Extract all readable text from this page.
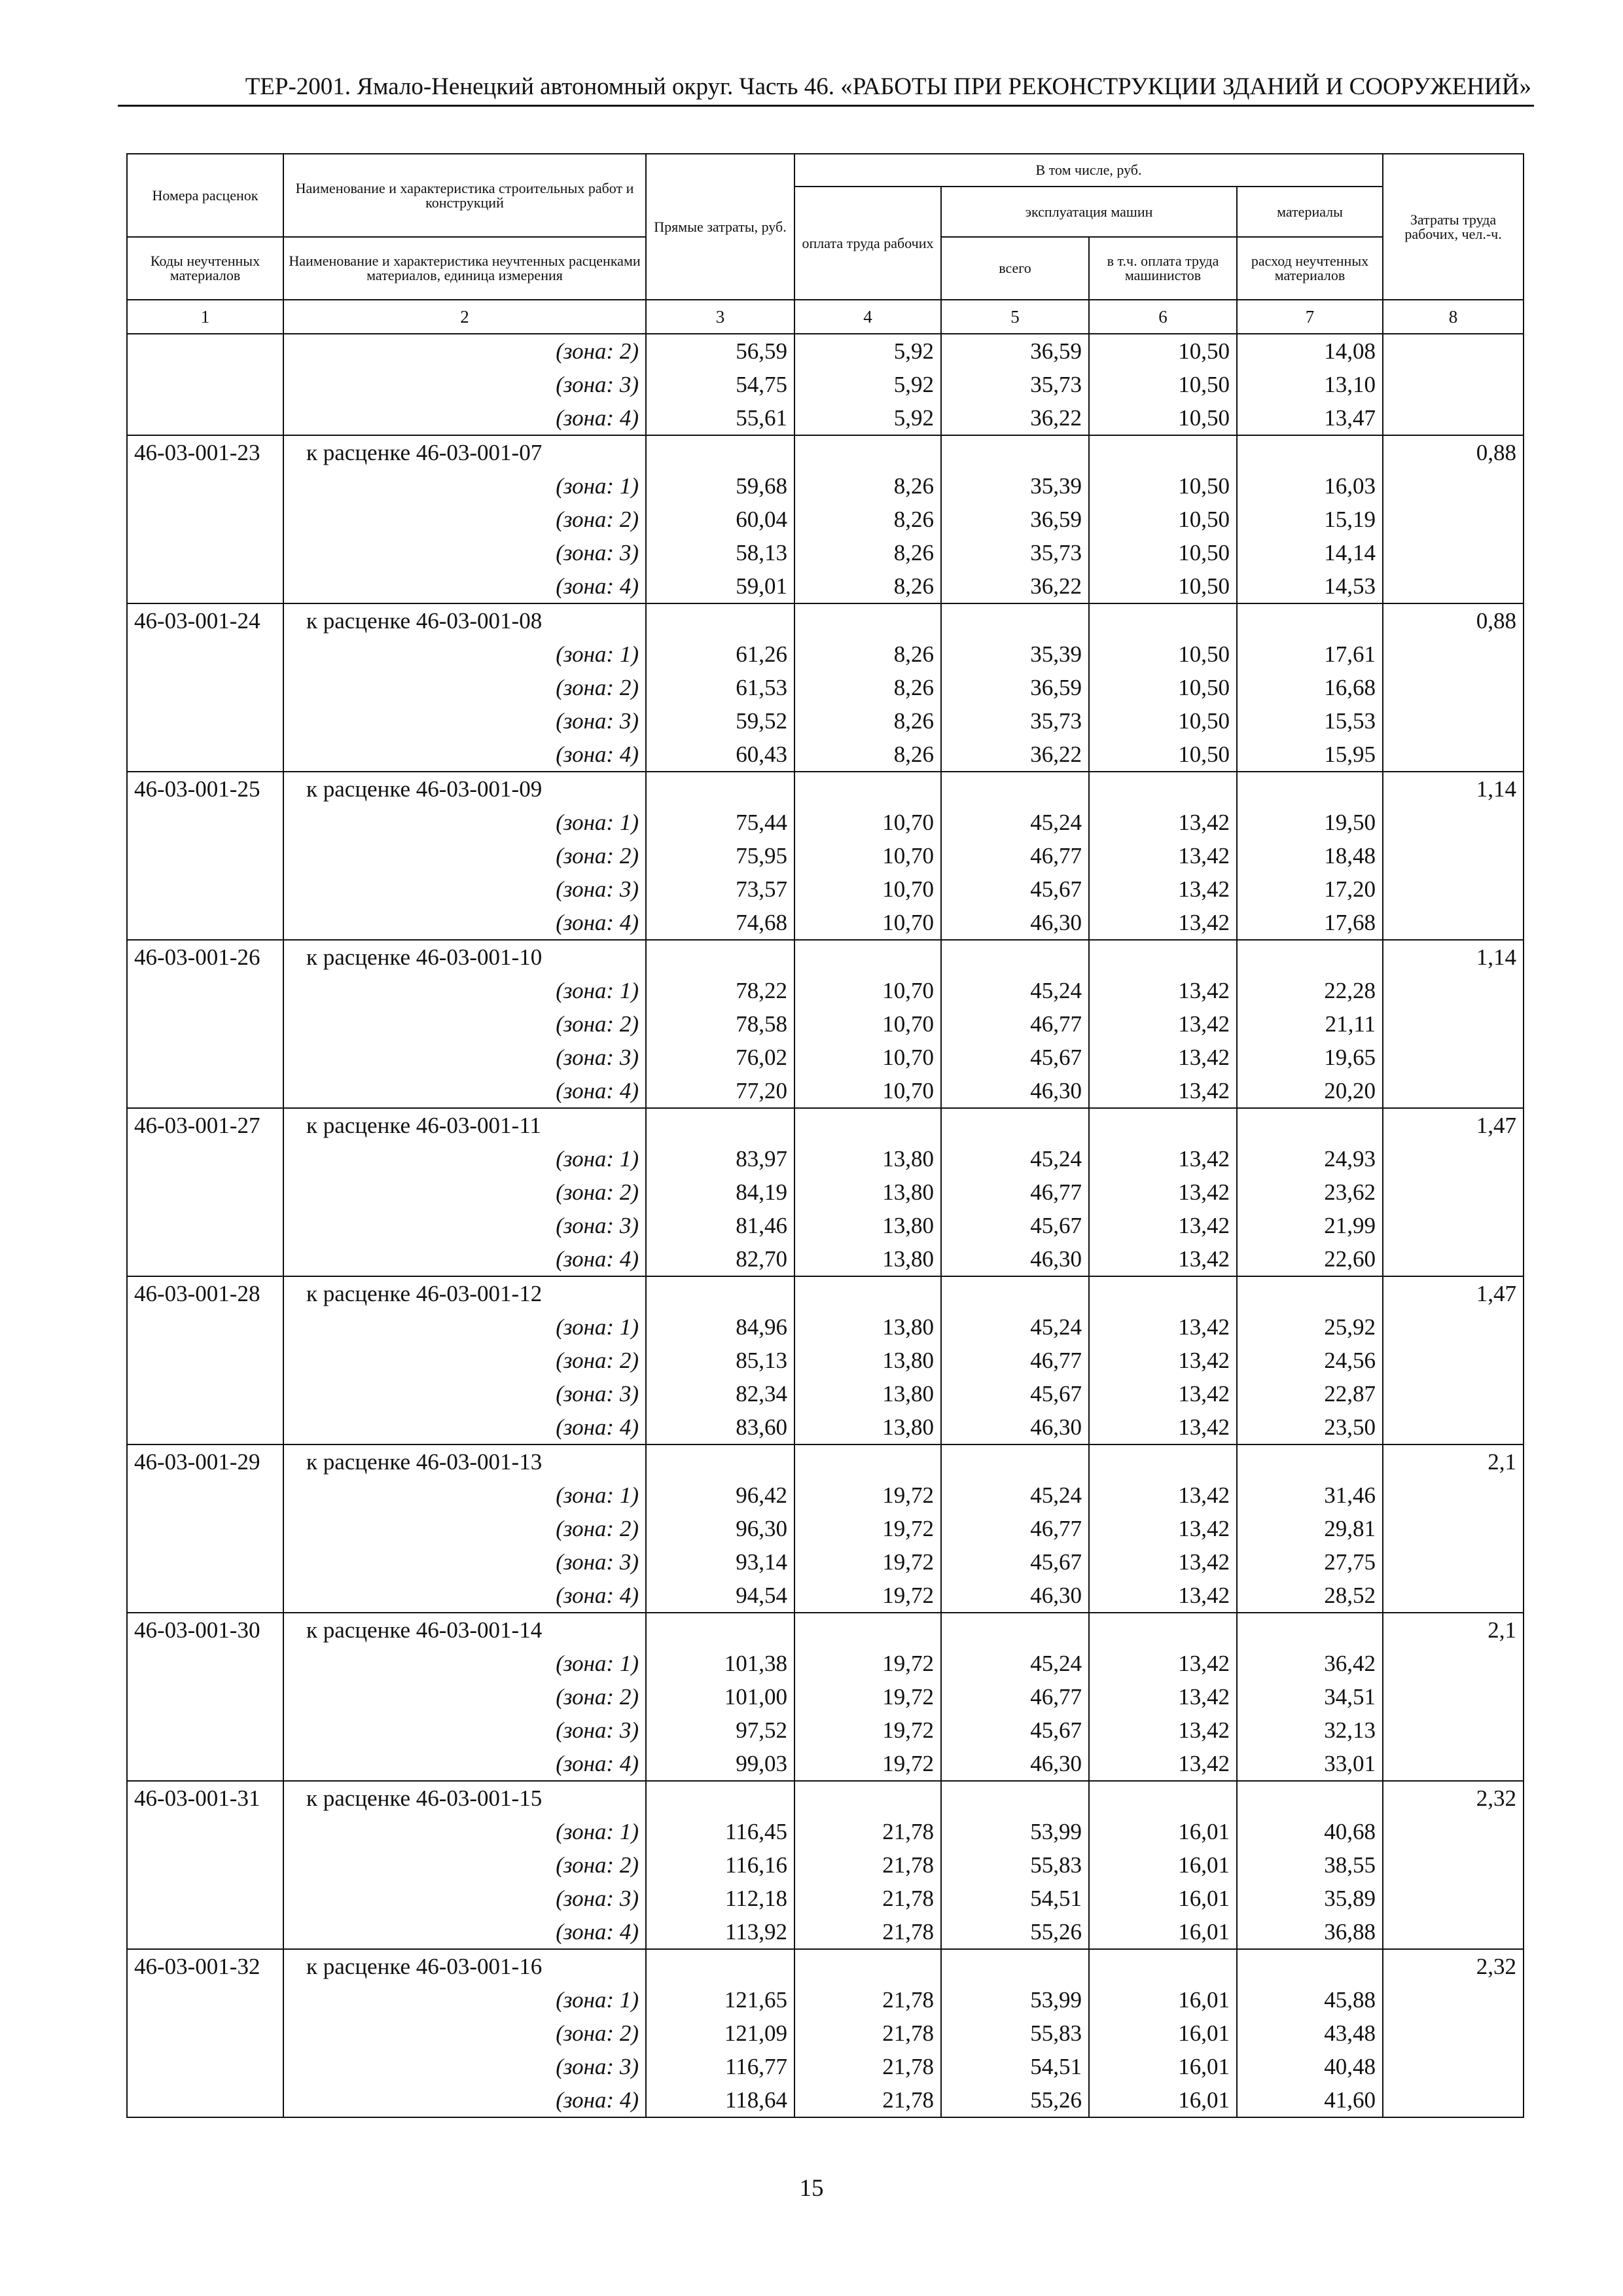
ТЕР-2001. Ямало-Ненецкий автономный округ. Часть 46. «РАБОТЫ ПРИ РЕКОНСТРУКЦИИ ЗДАНИЙ И СООРУЖЕНИЙ»
Номера расценок	Наименование и характеристика строительных работ и конструкций	Прямые затраты, руб.	В том числе, руб.				Затраты труда рабочих, чел.-ч.
			оплата труда рабочих	эксплуатация машин		материалы	
Коды неучтенных материалов	Наименование и характеристика неучтенных расценками материалов, единица измерения			всего	в т.ч. оплата труда машинистов	расход неучтенных материалов	
1	2	3	4	5	6	7	8
	(зона: 2)	56,59	5,92	36,59	10,50	14,08	
	(зона: 3)	54,75	5,92	35,73	10,50	13,10	
	(зона: 4)	55,61	5,92	36,22	10,50	13,47	
46-03-001-23	к расценке 46-03-001-07						0,88
	(зона: 1)	59,68	8,26	35,39	10,50	16,03	
	(зона: 2)	60,04	8,26	36,59	10,50	15,19	
	(зона: 3)	58,13	8,26	35,73	10,50	14,14	
	(зона: 4)	59,01	8,26	36,22	10,50	14,53	
46-03-001-24	к расценке 46-03-001-08						0,88
	(зона: 1)	61,26	8,26	35,39	10,50	17,61	
	(зона: 2)	61,53	8,26	36,59	10,50	16,68	
	(зона: 3)	59,52	8,26	35,73	10,50	15,53	
	(зона: 4)	60,43	8,26	36,22	10,50	15,95	
46-03-001-25	к расценке 46-03-001-09						1,14
	(зона: 1)	75,44	10,70	45,24	13,42	19,50	
	(зона: 2)	75,95	10,70	46,77	13,42	18,48	
	(зона: 3)	73,57	10,70	45,67	13,42	17,20	
	(зона: 4)	74,68	10,70	46,30	13,42	17,68	
46-03-001-26	к расценке 46-03-001-10						1,14
	(зона: 1)	78,22	10,70	45,24	13,42	22,28	
	(зона: 2)	78,58	10,70	46,77	13,42	21,11	
	(зона: 3)	76,02	10,70	45,67	13,42	19,65	
	(зона: 4)	77,20	10,70	46,30	13,42	20,20	
46-03-001-27	к расценке 46-03-001-11						1,47
	(зона: 1)	83,97	13,80	45,24	13,42	24,93	
	(зона: 2)	84,19	13,80	46,77	13,42	23,62	
	(зона: 3)	81,46	13,80	45,67	13,42	21,99	
	(зона: 4)	82,70	13,80	46,30	13,42	22,60	
46-03-001-28	к расценке 46-03-001-12						1,47
	(зона: 1)	84,96	13,80	45,24	13,42	25,92	
	(зона: 2)	85,13	13,80	46,77	13,42	24,56	
	(зона: 3)	82,34	13,80	45,67	13,42	22,87	
	(зона: 4)	83,60	13,80	46,30	13,42	23,50	
46-03-001-29	к расценке 46-03-001-13						2,1
	(зона: 1)	96,42	19,72	45,24	13,42	31,46	
	(зона: 2)	96,30	19,72	46,77	13,42	29,81	
	(зона: 3)	93,14	19,72	45,67	13,42	27,75	
	(зона: 4)	94,54	19,72	46,30	13,42	28,52	
46-03-001-30	к расценке 46-03-001-14						2,1
	(зона: 1)	101,38	19,72	45,24	13,42	36,42	
	(зона: 2)	101,00	19,72	46,77	13,42	34,51	
	(зона: 3)	97,52	19,72	45,67	13,42	32,13	
	(зона: 4)	99,03	19,72	46,30	13,42	33,01	
46-03-001-31	к расценке 46-03-001-15						2,32
	(зона: 1)	116,45	21,78	53,99	16,01	40,68	
	(зона: 2)	116,16	21,78	55,83	16,01	38,55	
	(зона: 3)	112,18	21,78	54,51	16,01	35,89	
	(зона: 4)	113,92	21,78	55,26	16,01	36,88	
46-03-001-32	к расценке 46-03-001-16						2,32
	(зона: 1)	121,65	21,78	53,99	16,01	45,88	
	(зона: 2)	121,09	21,78	55,83	16,01	43,48	
	(зона: 3)	116,77	21,78	54,51	16,01	40,48	
	(зона: 4)	118,64	21,78	55,26	16,01	41,60	
15
